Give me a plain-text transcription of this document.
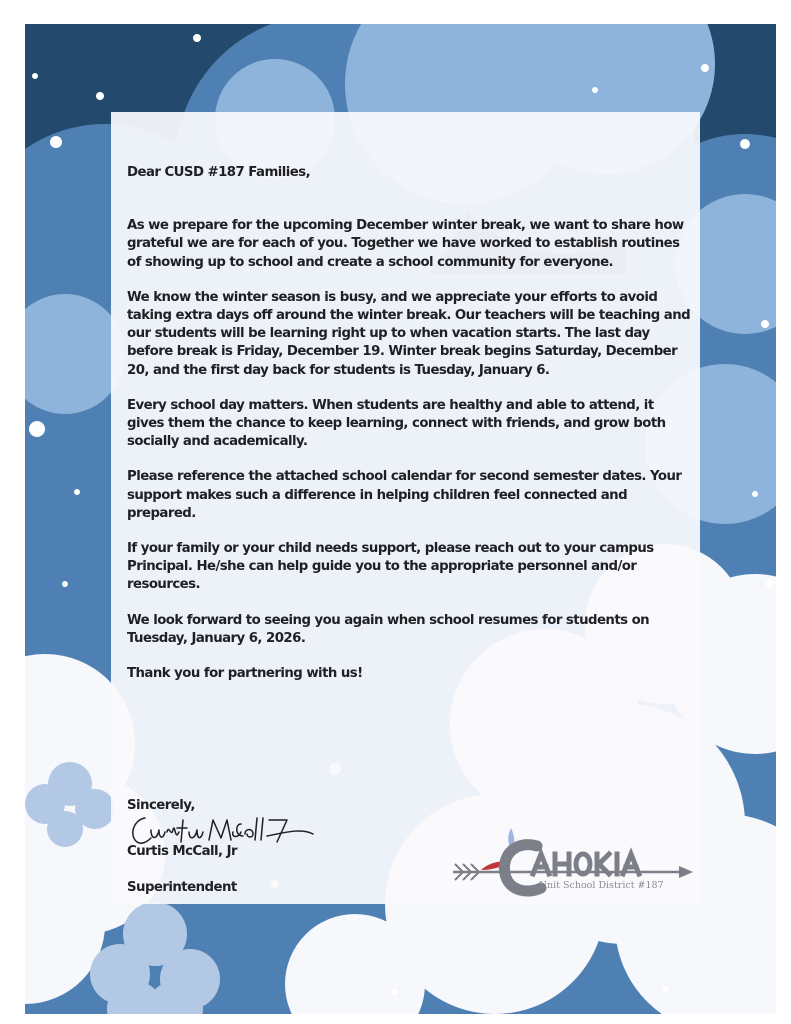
Dear CUSD #187 Families,

As we prepare for the upcoming December winter break, we want to share how grateful we are for each of you. Together we have worked to establish routines of showing up to school and create a school community for everyone.

We know the winter season is busy, and we appreciate your efforts to avoid taking extra days off around the winter break. Our teachers will be teaching and our students will be learning right up to when vacation starts. The last day before break is Friday, December 19. Winter break begins Saturday, December 20, and the first day back for students is Tuesday, January 6.

Every school day matters. When students are healthy and able to attend, it gives them the chance to keep learning, connect with friends, and grow both socially and academically.

Please reference the attached school calendar for second semester dates. Your support makes such a difference in helping children feel connected and prepared.

If your family or your child needs support, please reach out to your campus Principal. He/she can help guide you to the appropriate personnel and/or resources.

We look forward to seeing you again when school resumes for students on Tuesday, January 6, 2026.

Thank you for partnering with us!

Sincerely,
Curtis McCall, Jr
Superintendent	Unit School District #187
